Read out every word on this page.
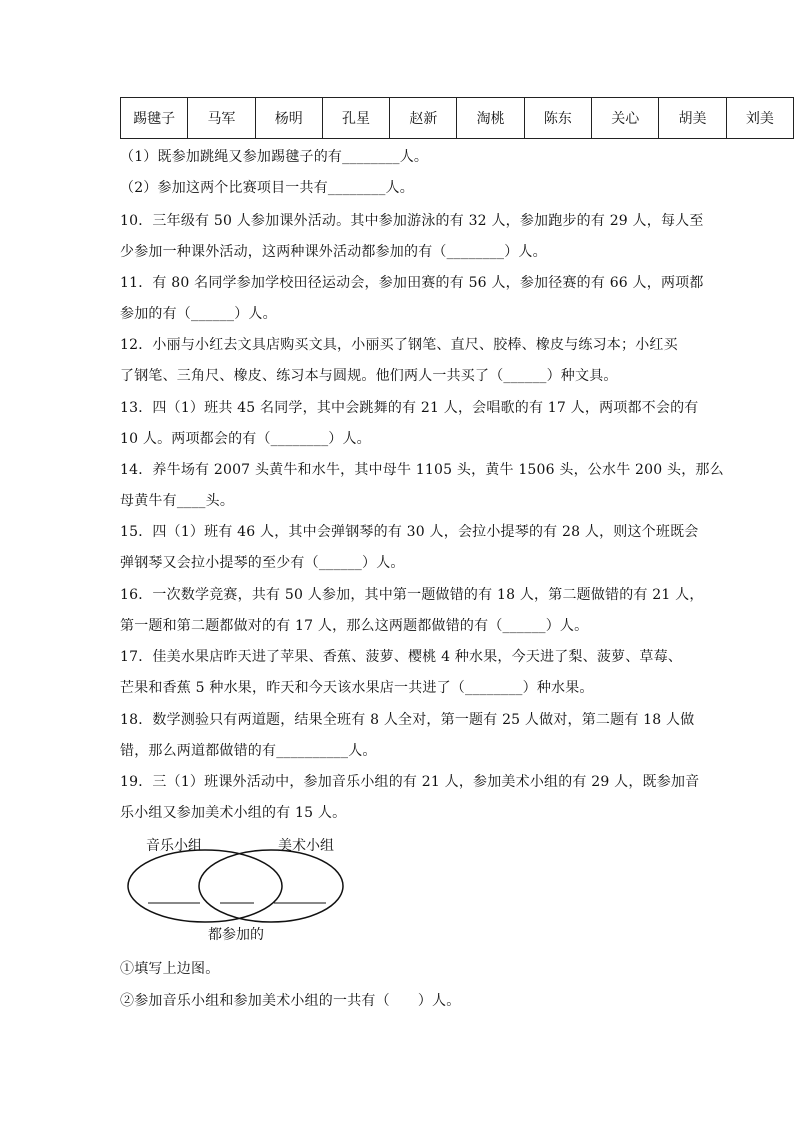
踢毽子	马军	杨明	孔星	赵新	淘桃	陈东	关心	胡美	刘美
（1）既参加跳绳又参加踢毽子的有________人。
（2）参加这两个比赛项目一共有________人。
10．三年级有 50 人参加课外活动。其中参加游泳的有 32 人，参加跑步的有 29 人，每人至
少参加一种课外活动，这两种课外活动都参加的有（________）人。
11．有 80 名同学参加学校田径运动会，参加田赛的有 56 人，参加径赛的有 66 人，两项都
参加的有（______）人。
12．小丽与小红去文具店购买文具，小丽买了钢笔、直尺、胶棒、橡皮与练习本；小红买
了钢笔、三角尺、橡皮、练习本与圆规。他们两人一共买了（______）种文具。
13．四（1）班共 45 名同学，其中会跳舞的有 21 人，会唱歌的有 17 人，两项都不会的有
10 人。两项都会的有（________）人。
14．养牛场有 2007 头黄牛和水牛，其中母牛 1105 头，黄牛 1506 头，公水牛 200 头，那么
母黄牛有____头。
15．四（1）班有 46 人，其中会弹钢琴的有 30 人，会拉小提琴的有 28 人，则这个班既会
弹钢琴又会拉小提琴的至少有（______）人。
16．一次数学竞赛，共有 50 人参加，其中第一题做错的有 18 人，第二题做错的有 21 人，
第一题和第二题都做对的有 17 人，那么这两题都做错的有（______）人。
17．佳美水果店昨天进了苹果、香蕉、菠萝、樱桃 4 种水果，今天进了梨、菠萝、草莓、
芒果和香蕉 5 种水果，昨天和今天该水果店一共进了（________）种水果。
18．数学测验只有两道题，结果全班有 8 人全对，第一题有 25 人做对，第二题有 18 人做
错，那么两道都做错的有__________人。
19．三（1）班课外活动中，参加音乐小组的有 21 人，参加美术小组的有 29 人，既参加音
乐小组又参加美术小组的有 15 人。
音乐小组	美术小组
都参加的
①填写上边图。
②参加音乐小组和参加美术小组的一共有（ ）人。
